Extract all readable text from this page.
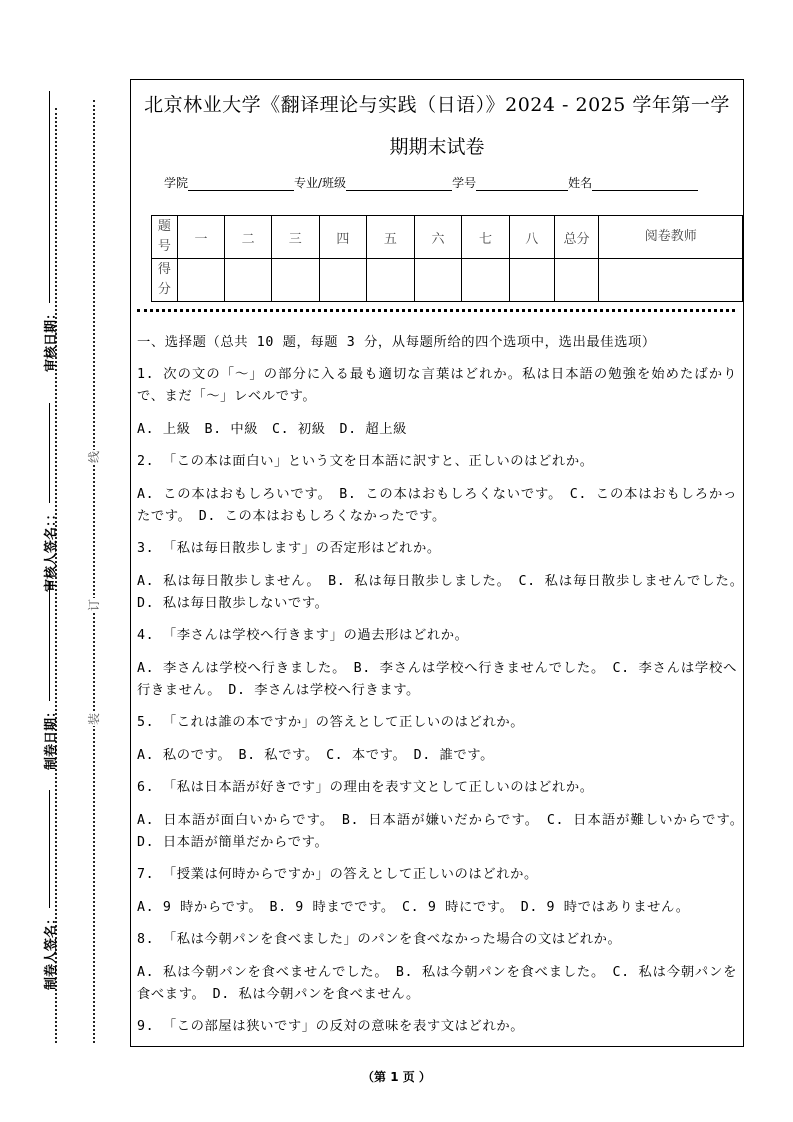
审核日期：
审核人签名：：
制卷日期：
制卷人签名：
线
订
装
北京林业大学《翻译理论与实践（日语）》2024 - 2025 学年第一学
期期末试卷
学院	专业/班级	学号	姓名
题号	一	二	三	四	五	六	七	八	总分	阅卷教师
得分										

一、选择题（总共 10 题，每题 3 分，从每题所给的四个选项中，选出最佳选项）

1. 次の文の「～」の部分に入る最も適切な言葉はどれか。私は日本語の勉強を始めたばかりで、まだ「～」レベルです。

A. 上級　B. 中級　C. 初級　D. 超上級

2. 「この本は面白い」という文を日本語に訳すと、正しいのはどれか。

A. この本はおもしろいです。　B. この本はおもしろくないです。　C. この本はおもしろかったです。　D. この本はおもしろくなかったです。

3. 「私は毎日散歩します」の否定形はどれか。

A. 私は毎日散歩しません。　B. 私は毎日散歩しました。　C. 私は毎日散歩しませんでした。　D. 私は毎日散歩しないです。

4. 「李さんは学校へ行きます」の過去形はどれか。

A. 李さんは学校へ行きました。　B. 李さんは学校へ行きませんでした。　C. 李さんは学校へ行きません。　D. 李さんは学校へ行きます。

5. 「これは誰の本ですか」の答えとして正しいのはどれか。

A. 私のです。　B. 私です。　C. 本です。　D. 誰です。

6. 「私は日本語が好きです」の理由を表す文として正しいのはどれか。

A. 日本語が面白いからです。　B. 日本語が嫌いだからです。　C. 日本語が難しいからです。　D. 日本語が簡単だからです。

7. 「授業は何時からですか」の答えとして正しいのはどれか。

A. 9 時からです。　B. 9 時までです。　C. 9 時にです。　D. 9 時ではありません。

8. 「私は今朝パンを食べました」のパンを食べなかった場合の文はどれか。

A. 私は今朝パンを食べませんでした。　B. 私は今朝パンを食べました。　C. 私は今朝パンを食べます。　D. 私は今朝パンを食べません。

9. 「この部屋は狭いです」の反対の意味を表す文はどれか。

（第 1 页 ）
